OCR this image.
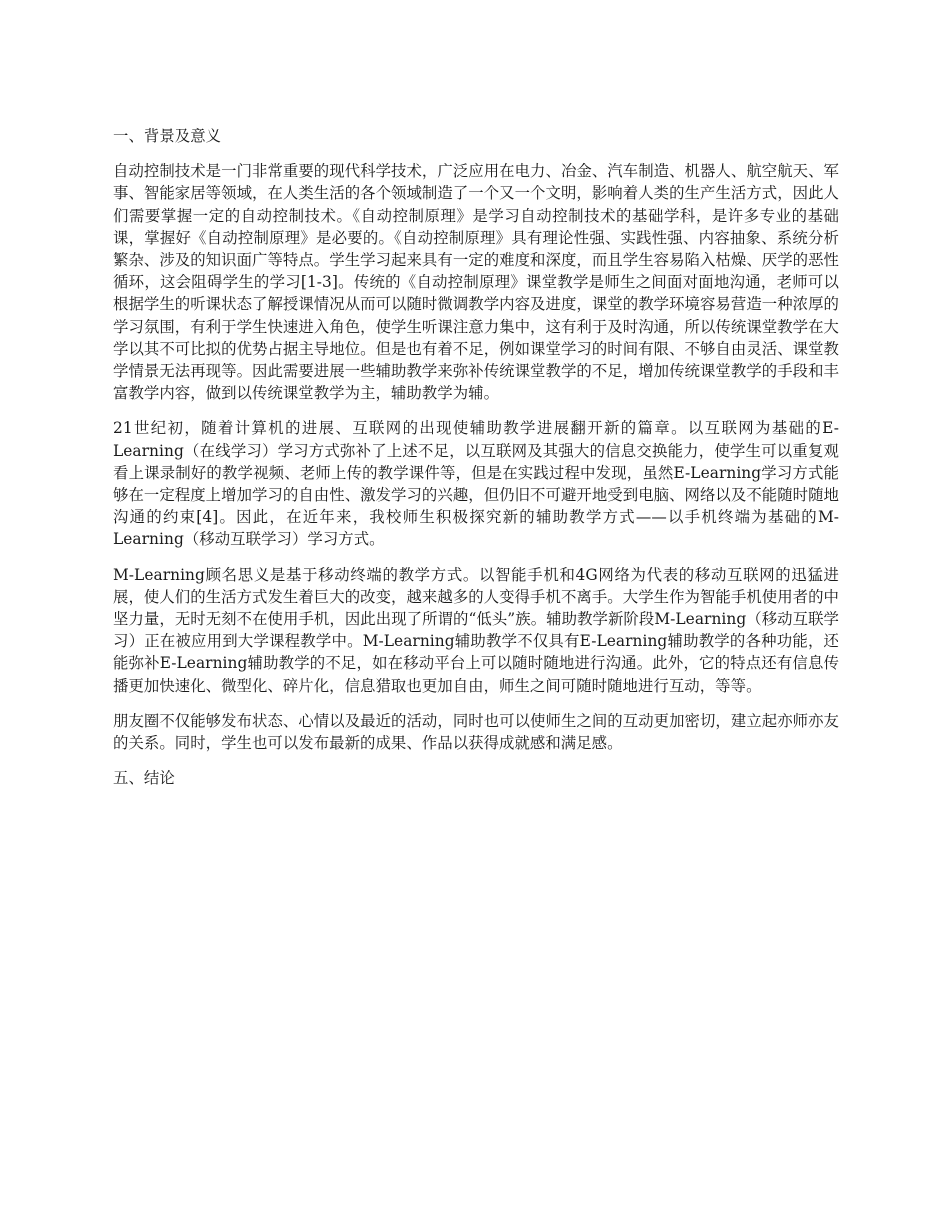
一、背景及意义

自动控制技术是一门非常重要的现代科学技术，广泛应用在电力、冶金、汽车制造、机器人、航空航天、军事、智能家居等领域，在人类生活的各个领域制造了一个又一个文明，影响着人类的生产生活方式，因此人们需要掌握一定的自动控制技术。《自动控制原理》是学习自动控制技术的基础学科，是许多专业的基础课，掌握好《自动控制原理》是必要的。《自动控制原理》具有理论性强、实践性强、内容抽象、系统分析繁杂、涉及的知识面广等特点。学生学习起来具有一定的难度和深度，而且学生容易陷入枯燥、厌学的恶性循环，这会阻碍学生的学习[1-3]。传统的《自动控制原理》课堂教学是师生之间面对面地沟通，老师可以根据学生的听课状态了解授课情况从而可以随时微调教学内容及进度，课堂的教学环境容易营造一种浓厚的学习氛围，有利于学生快速进入角色，使学生听课注意力集中，这有利于及时沟通，所以传统课堂教学在大学以其不可比拟的优势占据主导地位。但是也有着不足，例如课堂学习的时间有限、不够自由灵活、课堂教学情景无法再现等。因此需要进展一些辅助教学来弥补传统课堂教学的不足，增加传统课堂教学的手段和丰富教学内容，做到以传统课堂教学为主，辅助教学为辅。

21世纪初，随着计算机的进展、互联网的出现使辅助教学进展翻开新的篇章。以互联网为基础的E-Learning（在线学习）学习方式弥补了上述不足，以互联网及其强大的信息交换能力，使学生可以重复观看上课录制好的教学视频、老师上传的教学课件等，但是在实践过程中发现，虽然E-Learning学习方式能够在一定程度上增加学习的自由性、激发学习的兴趣，但仍旧不可避开地受到电脑、网络以及不能随时随地沟通的约束[4]。因此，在近年来，我校师生积极探究新的辅助教学方式——以手机终端为基础的M-Learning（移动互联学习）学习方式。

M-Learning顾名思义是基于移动终端的教学方式。以智能手机和4G网络为代表的移动互联网的迅猛进展，使人们的生活方式发生着巨大的改变，越来越多的人变得手机不离手。大学生作为智能手机使用者的中坚力量，无时无刻不在使用手机，因此出现了所谓的“低头”族。辅助教学新阶段M-Learning（移动互联学习）正在被应用到大学课程教学中。M-Learning辅助教学不仅具有E-Learning辅助教学的各种功能，还能弥补E-Learning辅助教学的不足，如在移动平台上可以随时随地进行沟通。此外，它的特点还有信息传播更加快速化、微型化、碎片化，信息猎取也更加自由，师生之间可随时随地进行互动，等等。

朋友圈不仅能够发布状态、心情以及最近的活动，同时也可以使师生之间的互动更加密切，建立起亦师亦友的关系。同时，学生也可以发布最新的成果、作品以获得成就感和满足感。

五、结论
